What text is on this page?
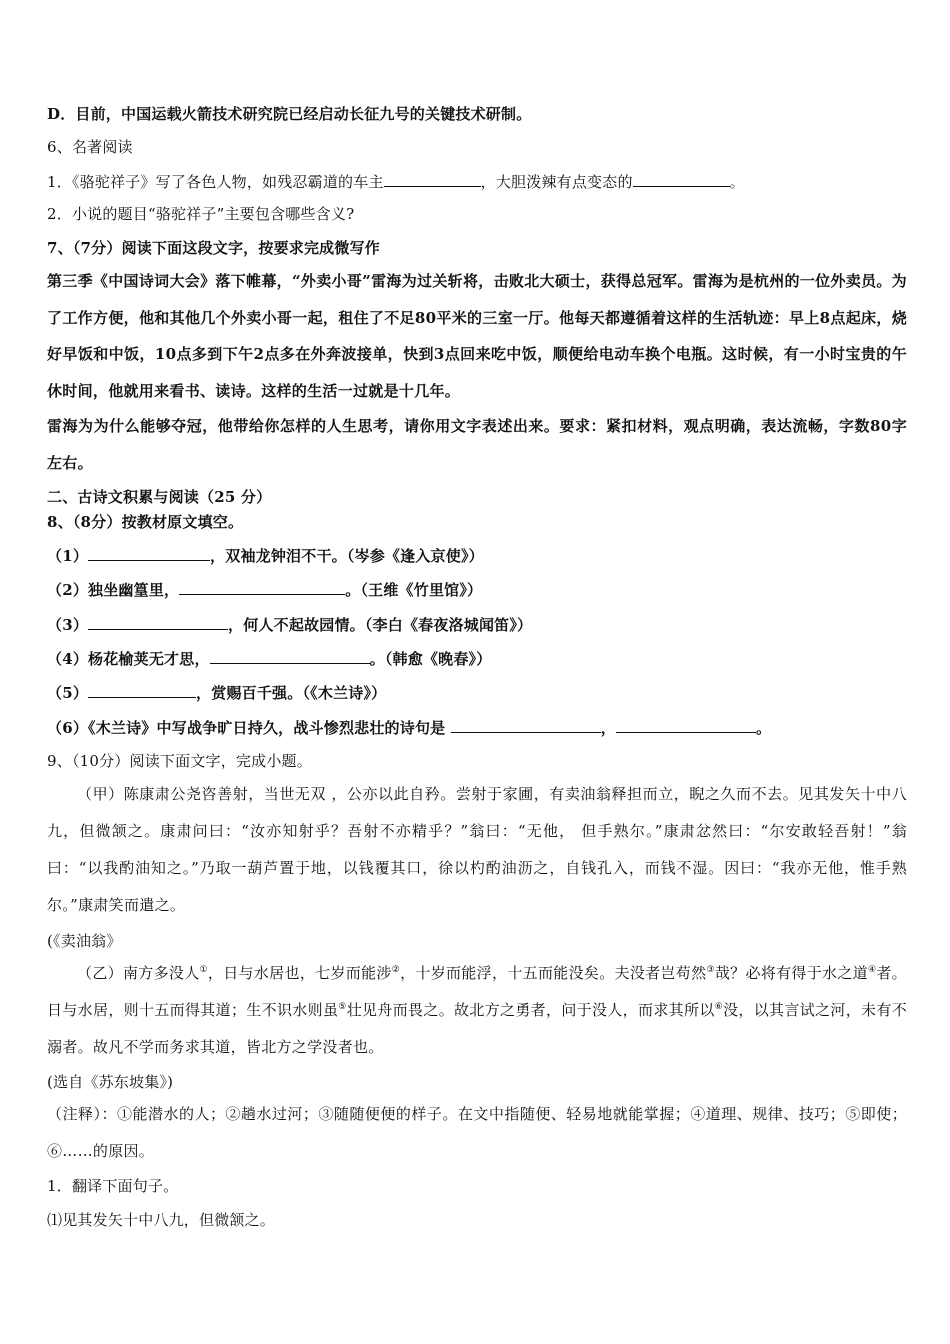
D．目前，中国运载火箭技术研究院已经启动长征九号的关键技术研制。
6、名著阅读
1．《骆驼祥子》写了各色人物，如残忍霸道的车主	，大胆泼辣有点变态的	。
2．小说的题目“骆驼祥子”主要包含哪些含义?
7、（7分）阅读下面这段文字，按要求完成微写作
第三季《中国诗词大会》落下帷幕，“外卖小哥”雷海为过关斩将，击败北大硕士，获得总冠军。雷海为是杭州的一位外卖员。为了工作方便，他和其他几个外卖小哥一起，租住了不足80平米的三室一厅。他每天都遵循着这样的生活轨迹：早上8点起床，烧好早饭和中饭，10点多到下午2点多在外奔波接单，快到3点回来吃中饭，顺便给电动车换个电瓶。这时候，有一小时宝贵的午休时间，他就用来看书、读诗。这样的生活一过就是十几年。
雷海为为什么能够夺冠，他带给你怎样的人生思考，请你用文字表述出来。要求：紧扣材料，观点明确，表达流畅，字数80字左右。
二、古诗文积累与阅读（25 分）
8、（8分）按教材原文填空。
（1）	，双袖龙钟泪不干。（岑参《逢入京使》）
（2）独坐幽篁里，	。（王维《竹里馆》）
（3）	，何人不起故园情。（李白《春夜洛城闻笛》）
（4）杨花榆荚无才思，	。（韩愈《晚春》）
（5）	，赏赐百千强。（《木兰诗》）
（6）《木兰诗》中写战争旷日持久，战斗惨烈悲壮的诗句是	，	。
9、（10分）阅读下面文字，完成小题。
（甲）陈康肃公尧咨善射，当世无双 ，公亦以此自矜。尝射于家圃，有卖油翁释担而立，睨之久而不去。见其发矢十中八九，但微颔之。康肃问曰：“汝亦知射乎？吾射不亦精乎？”翁曰：“无他， 但手熟尔。”康肃忿然曰：“尔安敢轻吾射！”翁曰：“以我酌油知之。”乃取一葫芦置于地，以钱覆其口，徐以杓酌油沥之，自钱孔入，而钱不湿。因曰：“我亦无他，惟手熟尔。”康肃笑而遣之。
(《卖油翁》
（乙）南方多没人①，日与水居也，七岁而能涉②，十岁而能浮，十五而能没矣。夫没者岂苟然③哉？必将有得于水之道④者。日与水居，则十五而得其道；生不识水则虽⑤壮见舟而畏之。故北方之勇者，问于没人，而求其所以⑥没，以其言试之河，未有不溺者。故凡不学而务求其道，皆北方之学没者也。
(选自《苏东坡集》)
（注释）：①能潜水的人；②趟水过河；③随随便便的样子。在文中指随便、轻易地就能掌握；④道理、规律、技巧；⑤即使；⑥……的原因。
1．翻译下面句子。
⑴见其发矢十中八九，但微颔之。
